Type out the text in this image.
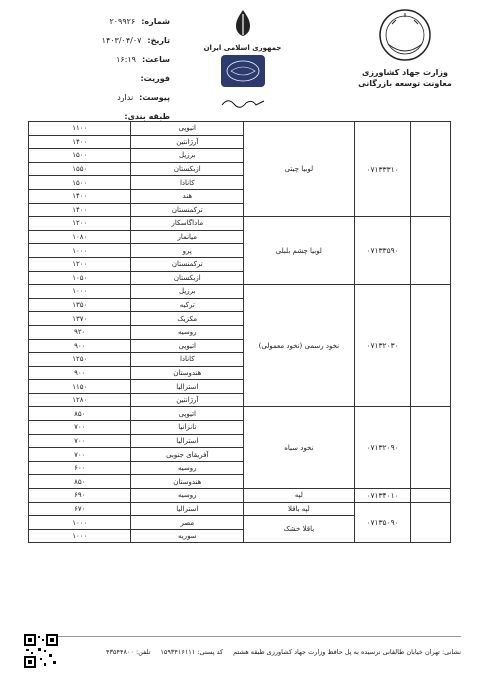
وزارت جهاد کشاورزی
معاونت توسعه بازرگانی
جمهوری اسلامی ایران

شماره:
۲۰۹۹۲۶
تاریخ:
۱۴۰۳/۰۴/۰۷
ساعت:
۱۶:۱۹
فوریت:
پیوست:
ندارد
طبقه بندی:
	۰۷۱۳۳۳۱۰	لوبیا چیتی	اتیوپی	۱۱۰۰
			آرژانتین	۱۴۰۰
			برزیل	۱۵۰۰
			ازبکستان	۱۵۵۰
			کانادا	۱۵۰۰
			هند	۱۴۰۰
			ترکمنستان	۱۴۰۰
	۰۷۱۳۳۵۹۰	لوبیا چشم بلبلی	ماداگاسکار	۱۲۰۰
			میانمار	۱۰۸۰
			پرو	۱۰۰۰
			ترکمنستان	۱۲۰۰
			ازبکستان	۱۰۵۰
	۰۷۱۳۲۰۳۰	نخود رسمی (نخود معمولی)	برزیل	۱۰۰۰
			ترکیه	۱۳۵۰
			مکزیک	۱۳۷۰
			روسیه	۹۲۰
			اتیوپی	۹۰۰
			کانادا	۱۲۵۰
			هندوستان	۹۰۰
			استرالیا	۱۱۵۰
			آرژانتین	۱۲۸۰
	۰۷۱۳۲۰۹۰	نخود سیاه	اتیوپی	۸۵۰
			تانزانیا	۷۰۰
			استرالیا	۷۰۰
			آفریقای جنوبی	۷۰۰
			روسیه	۶۰۰
			هندوستان	۸۵۰
	۰۷۱۳۴۰۱۰	لپه	روسیه	۶۹۰
	۰۷۱۳۵۰۹۰	لپه باقلا	استرالیا	۶۷۰
		باقلا خشک	مصر	۱۰۰۰
			سوریه	۱۰۰۰
نشانی: تهران خیابان طالقانی نرسیده به پل حافظ وزارت جهاد کشاورزی طبقه هشتم
کد پستی: ۱۵۹۳۴۱۶۱۱۱
تلفن: ۴۳۵۴۴۸۰۰
